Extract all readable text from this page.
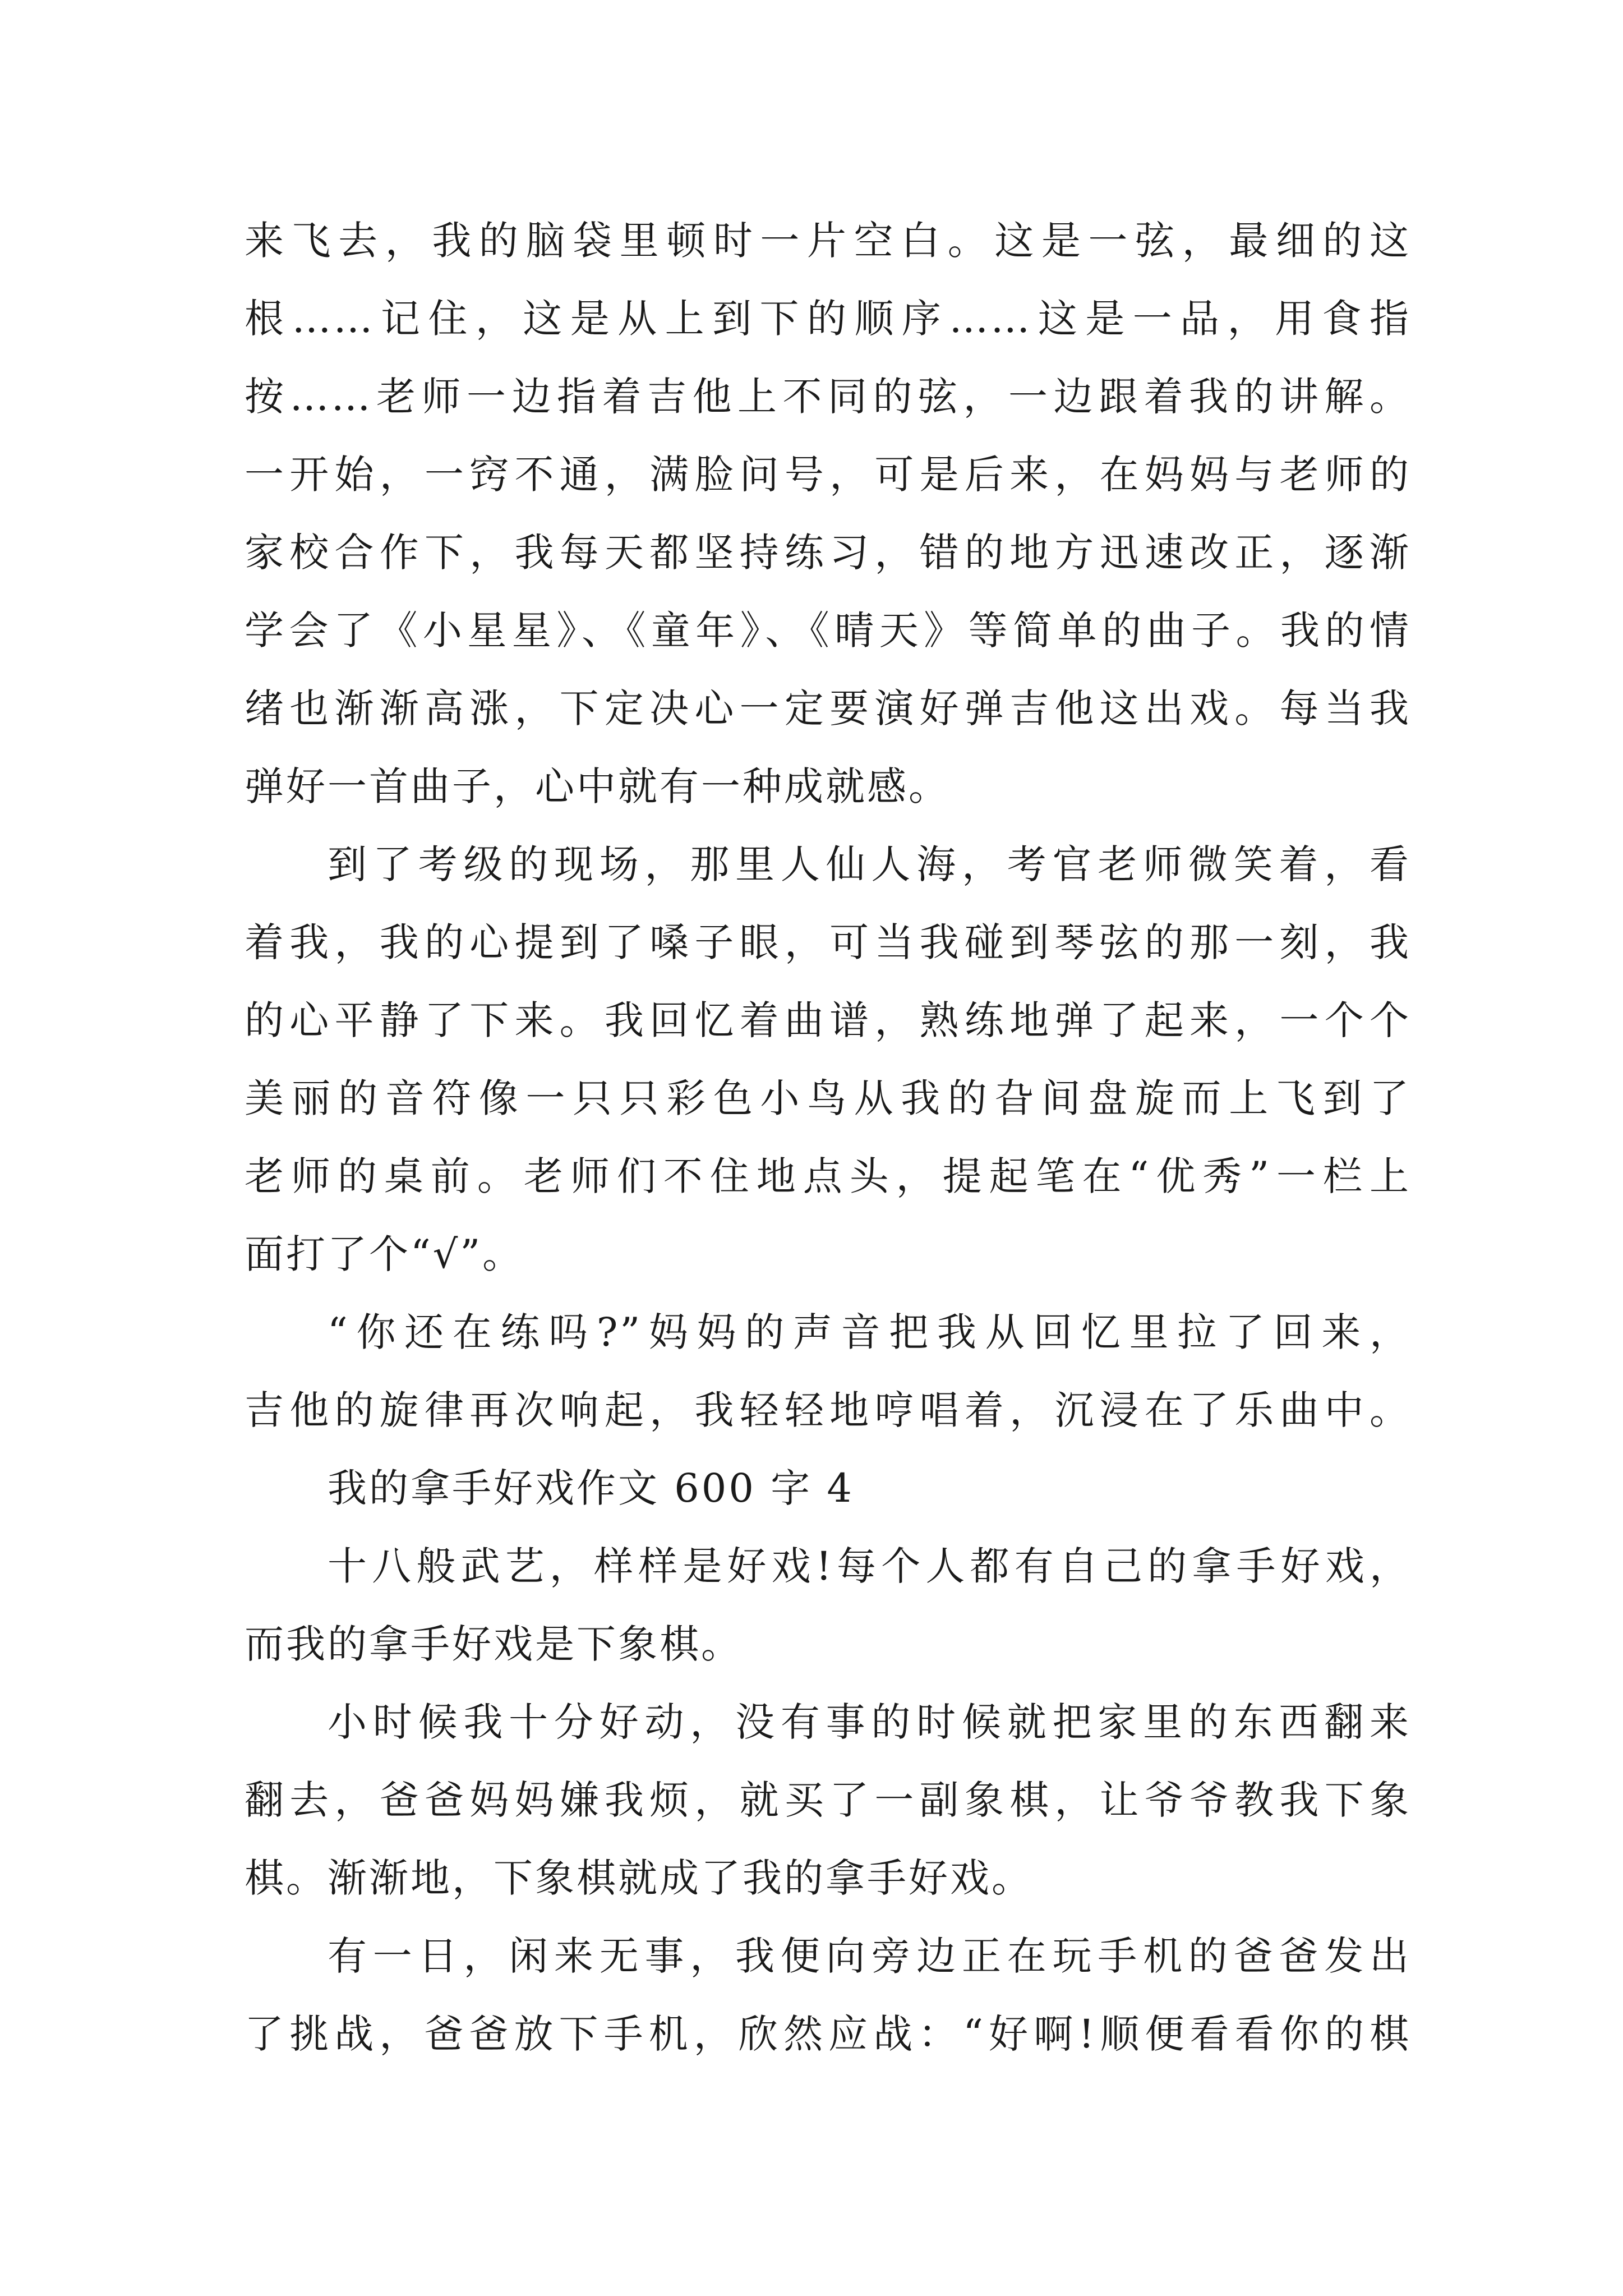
来飞去，我的脑袋里顿时一片空白。这是一弦，最细的这
根……记住，这是从上到下的顺序……这是一品，用食指
按……老师一边指着吉他上不同的弦，一边跟着我的讲解。
一开始，一窍不通，满脸问号，可是后来，在妈妈与老师的
家校合作下，我每天都坚持练习，错的地方迅速改正，逐渐
学会了《小星星》、《童年》、《晴天》等简单的曲子。我的情
绪也渐渐高涨，下定决心一定要演好弹吉他这出戏。每当我
弹好一首曲子，心中就有一种成就感。
到了考级的现场，那里人仙人海，考官老师微笑着，看
着我，我的心提到了嗓子眼，可当我碰到琴弦的那一刻，我
的心平静了下来。我回忆着曲谱，熟练地弹了起来，一个个
美丽的音符像一只只彩色小鸟从我的旮间盘旋而上飞到了
老师的桌前。老师们不住地点头，提起笔在“优秀”一栏上
面打了个“√”。
“你还在练吗?”妈妈的声音把我从回忆里拉了回来，
吉他的旋律再次响起，我轻轻地哼唱着，沉浸在了乐曲中。
我的拿手好戏作文 600 字 4
十八般武艺，样样是好戏!每个人都有自己的拿手好戏，
而我的拿手好戏是下象棋。
小时候我十分好动，没有事的时候就把家里的东西翻来
翻去，爸爸妈妈嫌我烦，就买了一副象棋，让爷爷教我下象
棋。渐渐地，下象棋就成了我的拿手好戏。
有一日，闲来无事，我便向旁边正在玩手机的爸爸发出
了挑战，爸爸放下手机，欣然应战：“好啊!顺便看看你的棋
